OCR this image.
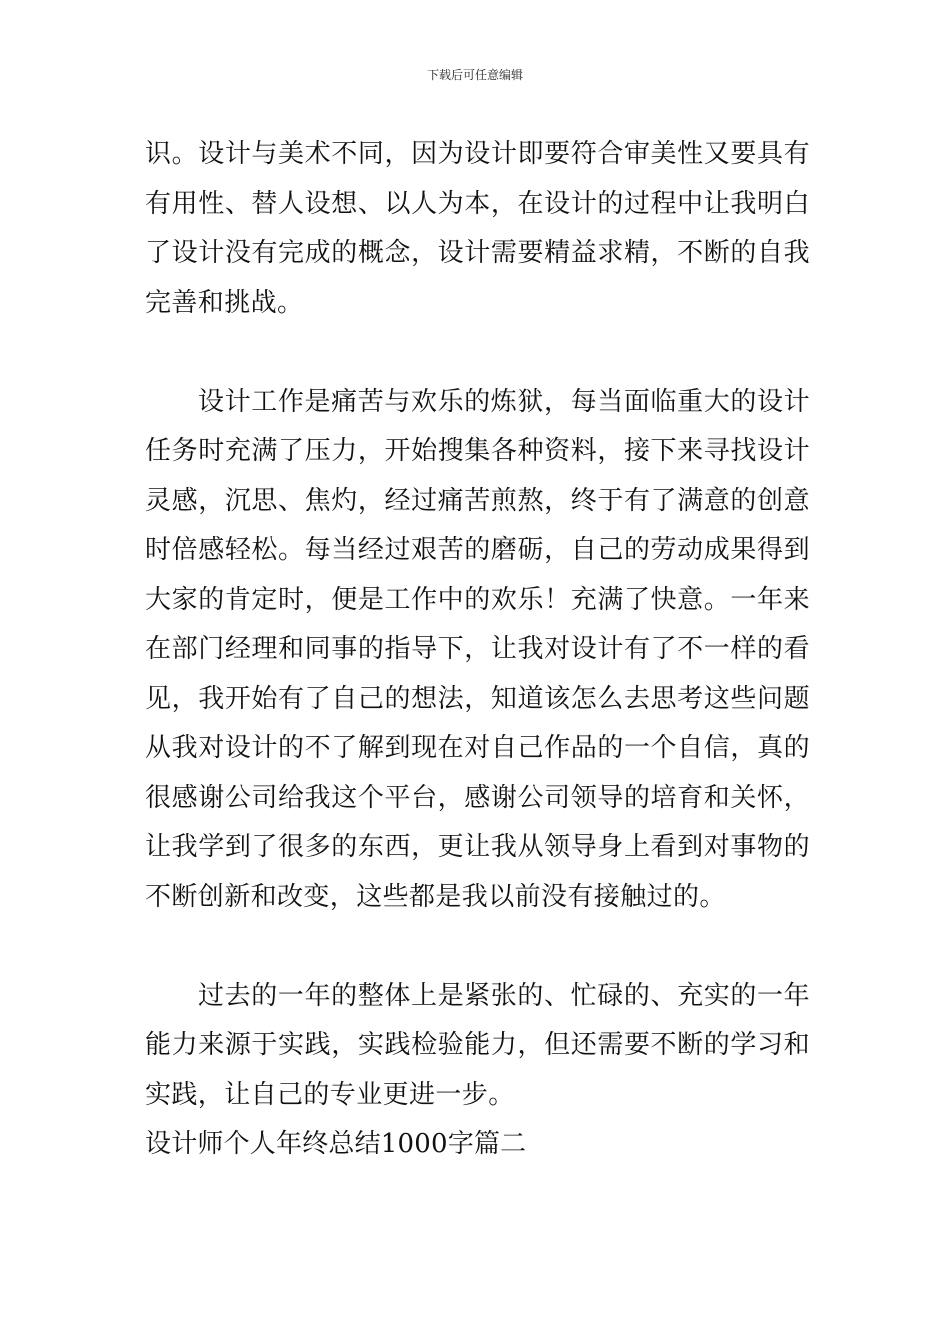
下载后可任意编辑

识。设计与美术不同，因为设计即要符合审美性又要具有有用性、替人设想、以人为本，在设计的过程中让我明白了设计没有完成的概念，设计需要精益求精，不断的自我完善和挑战。

设计工作是痛苦与欢乐的炼狱，每当面临重大的设计任务时充满了压力，开始搜集各种资料，接下来寻找设计灵感，沉思、焦灼，经过痛苦煎熬，终于有了满意的创意时倍感轻松。每当经过艰苦的磨砺，自己的劳动成果得到大家的肯定时，便是工作中的欢乐！充满了快意。一年来在部门经理和同事的指导下，让我对设计有了不一样的看见，我开始有了自己的想法，知道该怎么去思考这些问题从我对设计的不了解到现在对自己作品的一个自信，真的很感谢公司给我这个平台，感谢公司领导的培育和关怀，让我学到了很多的东西，更让我从领导身上看到对事物的不断创新和改变，这些都是我以前没有接触过的。

过去的一年的整体上是紧张的、忙碌的、充实的一年能力来源于实践，实践检验能力，但还需要不断的学习和实践，让自己的专业更进一步。

设计师个人年终总结1000字篇二
